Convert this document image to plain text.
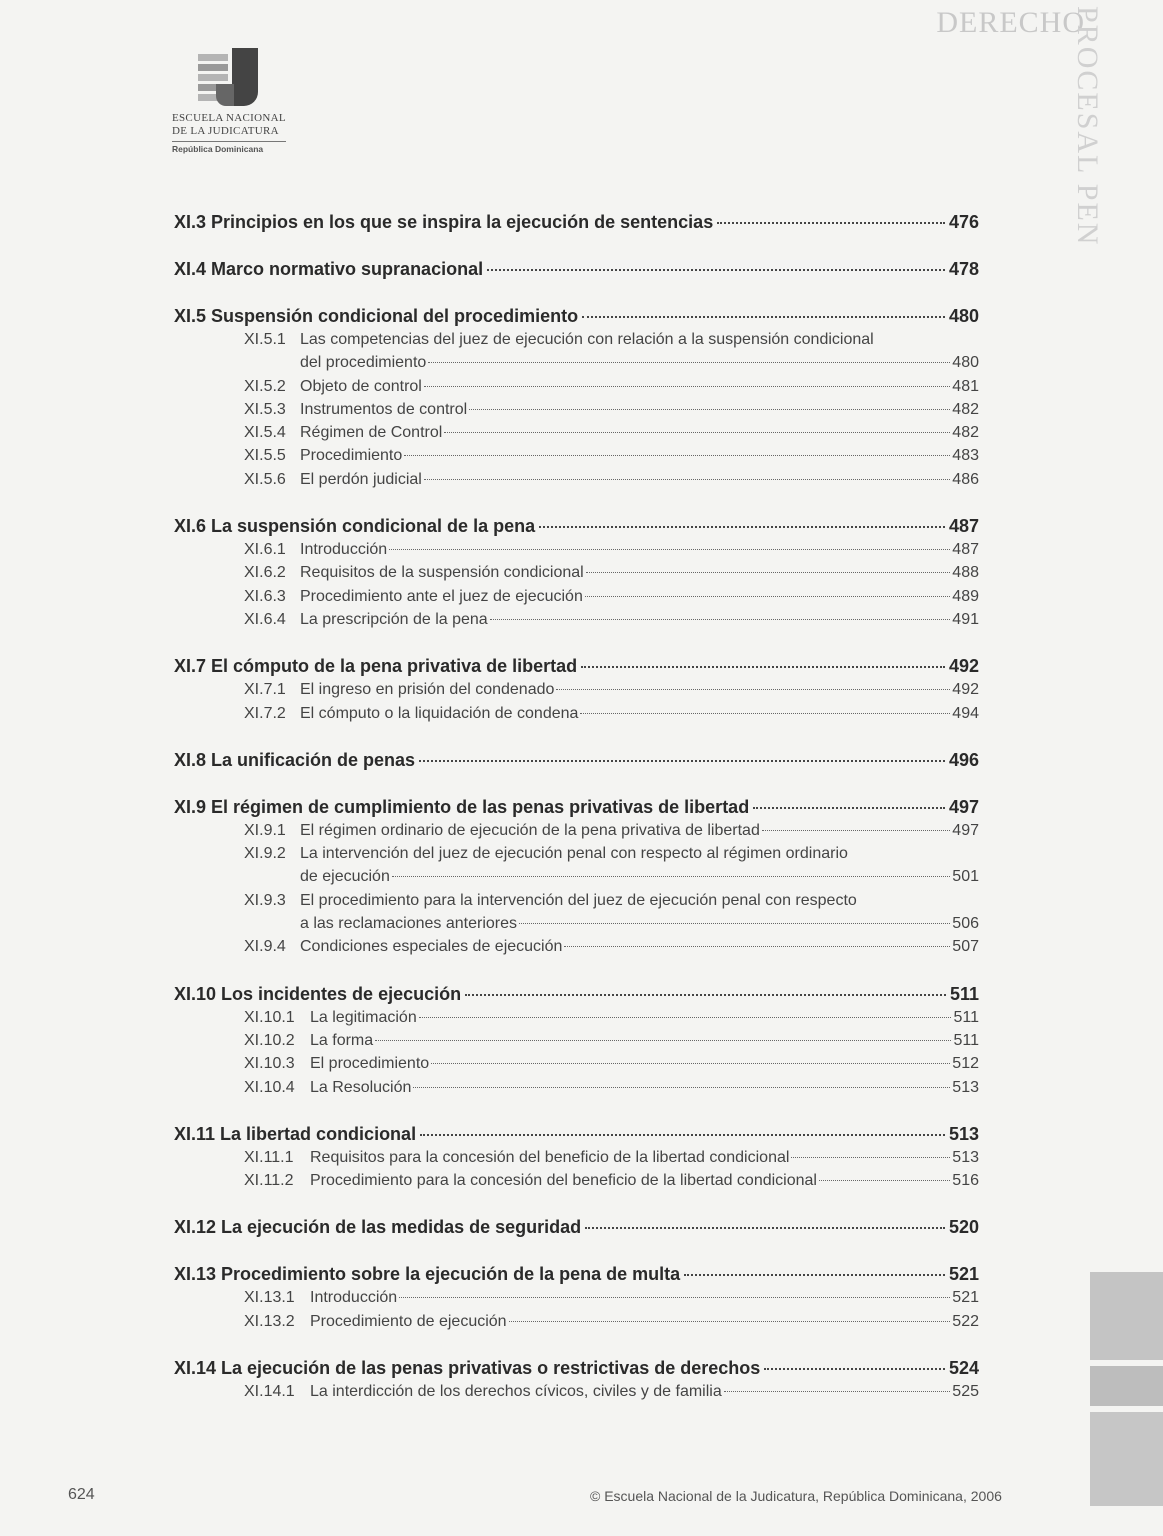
DERECHO
PROCESAL PEN
ESCUELA NACIONAL
DE LA JUDICATURA
República Dominicana
XI.3 Principios en los que se inspira la ejecución de sentencias	476
XI.4 Marco normativo supranacional	478
XI.5 Suspensión condicional del procedimiento	480
XI.5.1 Las competencias del juez de ejecución con relación a la suspensión condicional
del procedimiento	480
XI.5.2 Objeto de control	481
XI.5.3 Instrumentos de control	482
XI.5.4 Régimen de Control	482
XI.5.5 Procedimiento	483
XI.5.6 El perdón judicial	486
XI.6 La suspensión condicional de la pena	487
XI.6.1 Introducción	487
XI.6.2 Requisitos de la suspensión condicional	488
XI.6.3 Procedimiento ante el juez de ejecución	489
XI.6.4 La prescripción de la pena	491
XI.7 El cómputo de la pena privativa de libertad	492
XI.7.1 El ingreso en prisión del condenado	492
XI.7.2 El cómputo o la liquidación de condena	494
XI.8 La unificación de penas	496
XI.9 El régimen de cumplimiento de las penas privativas de libertad	497
XI.9.1 El régimen ordinario de ejecución de la pena privativa de libertad	497
XI.9.2 La intervención del juez de ejecución penal con respecto al régimen ordinario
de ejecución	501
XI.9.3 El procedimiento para la intervención del juez de ejecución penal con respecto
a las reclamaciones anteriores	506
XI.9.4 Condiciones especiales de ejecución	507
XI.10 Los incidentes de ejecución	511
XI.10.1 La legitimación	511
XI.10.2 La forma	511
XI.10.3 El procedimiento	512
XI.10.4 La Resolución	513
XI.11 La libertad condicional	513
XI.11.1	Requisitos para la concesión del beneficio de la libertad condicional	513
XI.11.2	Procedimiento para la concesión del beneficio de la libertad condicional	516
XI.12 La ejecución de las medidas de seguridad	520
XI.13 Procedimiento sobre la ejecución de la pena de multa	521
XI.13.1 Introducción	521
XI.13.2 Procedimiento de ejecución	522
XI.14 La ejecución de las penas privativas o restrictivas de derechos	524
XI.14.1 La interdicción de los derechos cívicos, civiles y de familia	525
624	© Escuela Nacional de la Judicatura, República Dominicana, 2006
